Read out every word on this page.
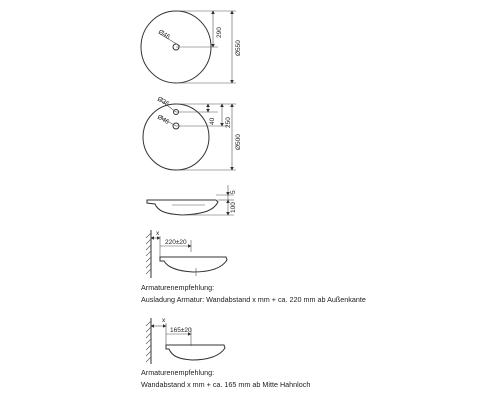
Ø46	290
Ø550
Ø36
Ø46	40 250
Ø500
5
100
x
220±20
Armaturenempfehlung:
Ausladung Armatur: Wandabstand x mm + ca. 220 mm ab Außenkante
x
165±20
Armaturenempfehlung:
Wandabstand x mm + ca. 165 mm ab Mitte Hahnloch
